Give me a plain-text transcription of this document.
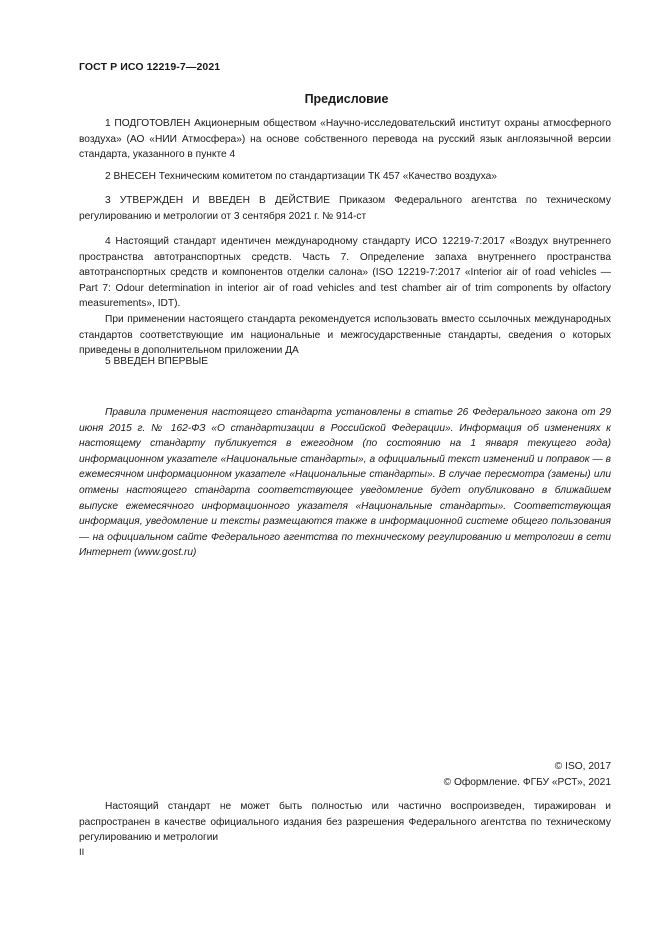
ГОСТ Р ИСО 12219-7—2021
Предисловие

1 ПОДГОТОВЛЕН Акционерным обществом «Научно-исследовательский институт охраны атмосферного воздуха» (АО «НИИ Атмосфера») на основе собственного перевода на русский язык англоязычной версии стандарта, указанного в пункте 4

2 ВНЕСЕН Техническим комитетом по стандартизации ТК 457 «Качество воздуха»

3 УТВЕРЖДЕН И ВВЕДЕН В ДЕЙСТВИЕ Приказом Федерального агентства по техническому регулированию и метрологии от 3 сентября 2021 г. № 914-ст

4 Настоящий стандарт идентичен международному стандарту ИСО 12219-7:2017 «Воздух внутреннего пространства автотранспортных средств. Часть 7. Определение запаха внутреннего пространства автотранспортных средств и компонентов отделки салона» (ISO 12219-7:2017 «Interior air of road vehicles — Part 7: Odour determination in interior air of road vehicles and test chamber air of trim components by olfactory measurements», IDT).

При применении настоящего стандарта рекомендуется использовать вместо ссылочных международных стандартов соответствующие им национальные и межгосударственные стандарты, сведения о которых приведены в дополнительном приложении ДА

5 ВВЕДЕН ВПЕРВЫЕ

Правила применения настоящего стандарта установлены в статье 26 Федерального закона от 29 июня 2015 г. № 162-ФЗ «О стандартизации в Российской Федерации». Информация об изменениях к настоящему стандарту публикуется в ежегодном (по состоянию на 1 января текущего года) информационном указателе «Национальные стандарты», а официальный текст изменений и поправок — в ежемесячном информационном указателе «Национальные стандарты». В случае пересмотра (замены) или отмены настоящего стандарта соответствующее уведомление будет опубликовано в ближайшем выпуске ежемесячного информационного указателя «Национальные стандарты». Соответствующая информация, уведомление и тексты размещаются также в информационной системе общего пользования — на официальном сайте Федерального агентства по техническому регулированию и метрологии в сети Интернет (www.gost.ru)

© ISO, 2017
© Оформление. ФГБУ «РСТ», 2021

Настоящий стандарт не может быть полностью или частично воспроизведен, тиражирован и распространен в качестве официального издания без разрешения Федерального агентства по техническому регулированию и метрологии

II
